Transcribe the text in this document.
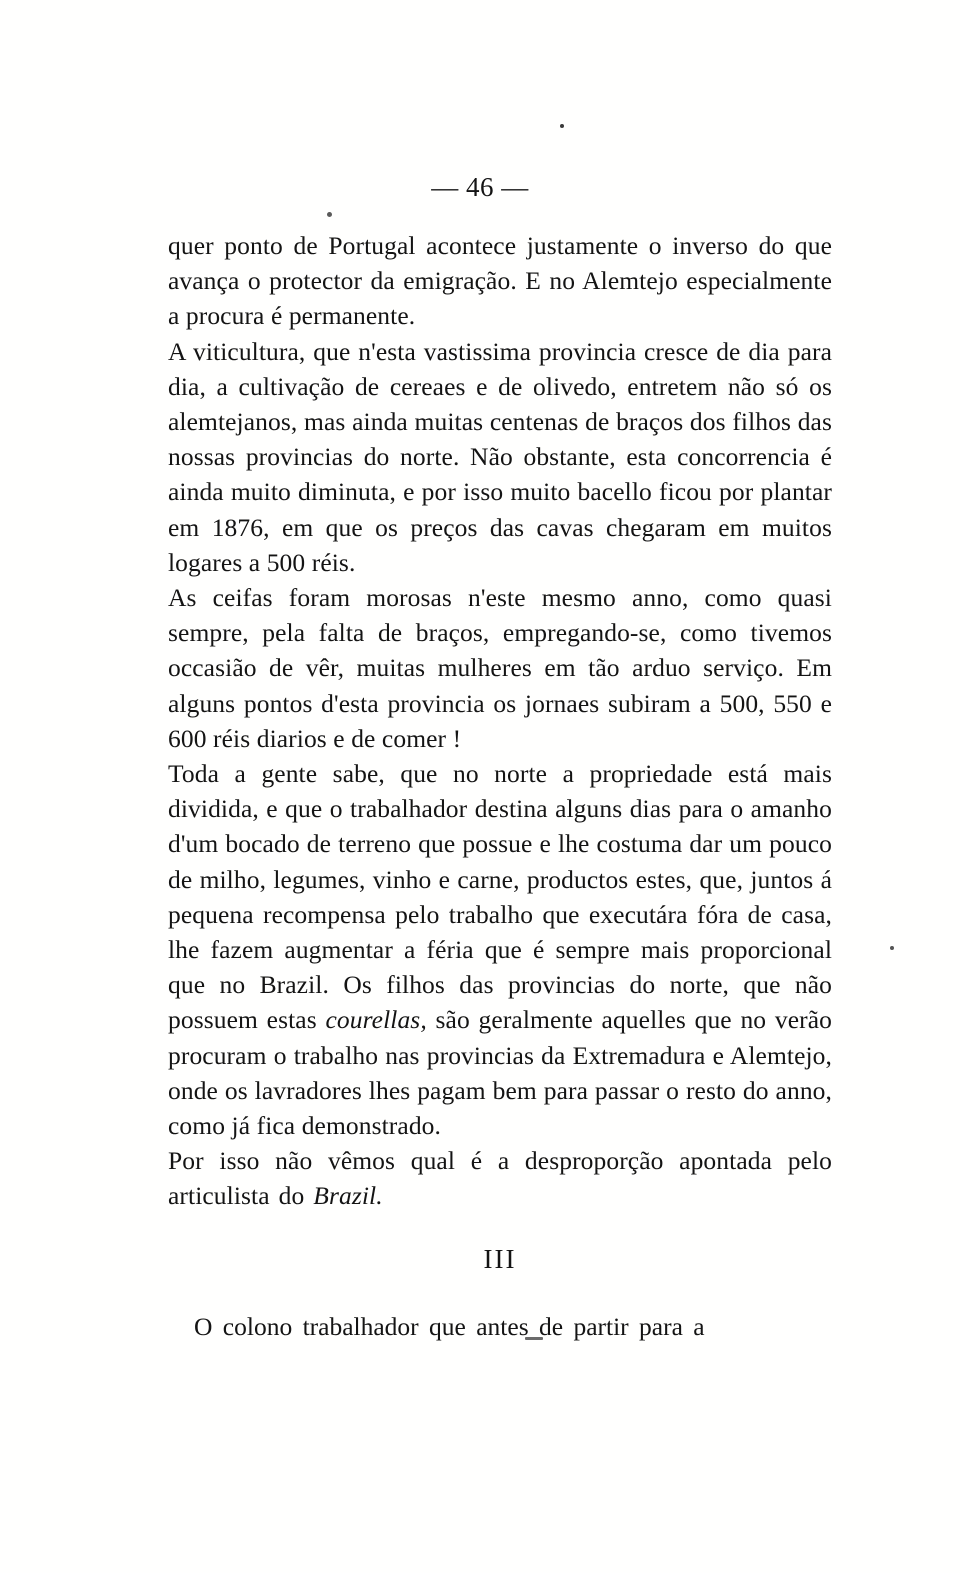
— 46 —

quer ponto de Portugal acontece justamente o inverso do que avança o protector da emigração. E no Alemtejo especialmente a procura é permanente.

A viticultura, que n'esta vastissima provincia cresce de dia para dia, a cultivação de cereaes e de olivedo, entretem não só os alemtejanos, mas ainda muitas centenas de braços dos filhos das nossas provincias do norte. Não obstante, esta concorrencia é ainda muito diminuta, e por isso muito bacello ficou por plantar em 1876, em que os preços das cavas chegaram em muitos logares a 500 réis.

As ceifas foram morosas n'este mesmo anno, como quasi sempre, pela falta de braços, empregando-se, como tivemos occasião de vêr, muitas mulheres em tão arduo serviço. Em alguns pontos d'esta provincia os jornaes subiram a 500, 550 e 600 réis diarios e de comer !

Toda a gente sabe, que no norte a propriedade está mais dividida, e que o trabalhador destina alguns dias para o amanho d'um bocado de terreno que possue e lhe costuma dar um pouco de milho, legumes, vinho e carne, productos estes, que, juntos á pequena recompensa pelo trabalho que executára fóra de casa, lhe fazem augmentar a féria que é sempre mais proporcional que no Brazil. Os filhos das provincias do norte, que não possuem estas courellas, são geralmente aquelles que no verão procuram o trabalho nas provincias da Extremadura e Alemtejo, onde os lavradores lhes pagam bem para passar o resto do anno, como já fica demonstrado.

Por isso não vêmos qual é a desproporção apontada pelo articulista do Brazil.

III

O colono trabalhador que antes de partir para a
